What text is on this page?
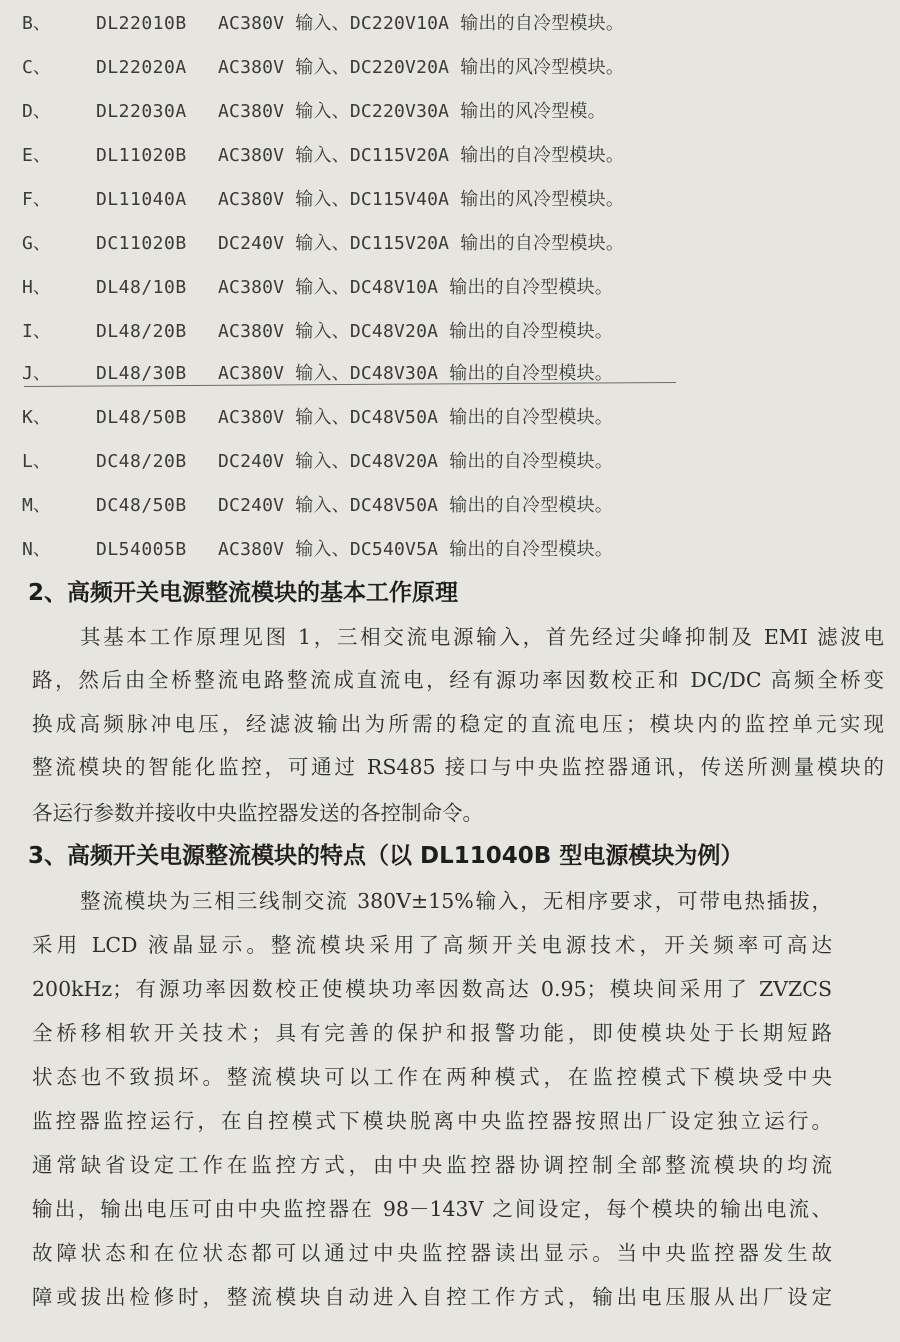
B、	DL22010B AC380V 输入、DC220V10A 输出的自冷型模块。
C、	DL22020A AC380V 输入、DC220V20A 输出的风冷型模块。
D、	DL22030A AC380V 输入、DC220V30A 输出的风冷型模。
E、	DL11020B AC380V 输入、DC115V20A 输出的自冷型模块。
F、	DL11040A AC380V 输入、DC115V40A 输出的风冷型模块。
G、	DC11020B DC240V 输入、DC115V20A 输出的自冷型模块。
H、	DL48/10B AC380V 输入、DC48V10A 输出的自冷型模块。
I、	DL48/20B AC380V 输入、DC48V20A 输出的自冷型模块。
J、	DL48/30B AC380V 输入、DC48V30A 输出的自冷型模块。
K、	DL48/50B AC380V 输入、DC48V50A 输出的自冷型模块。
L、	DC48/20B DC240V 输入、DC48V20A 输出的自冷型模块。
M、	DC48/50B DC240V 输入、DC48V50A 输出的自冷型模块。
N、	DL54005B AC380V 输入、DC540V5A 输出的自冷型模块。
2、高频开关电源整流模块的基本工作原理
其基本工作原理见图 1，三相交流电源输入，首先经过尖峰抑制及 EMI 滤波电
路，然后由全桥整流电路整流成直流电，经有源功率因数校正和 DC/DC 高频全桥变
换成高频脉冲电压，经滤波输出为所需的稳定的直流电压；模块内的监控单元实现
整流模块的智能化监控，可通过 RS485 接口与中央监控器通讯，传送所测量模块的
各运行参数并接收中央监控器发送的各控制命令。
3、高频开关电源整流模块的特点（以 DL11040B 型电源模块为例）
整流模块为三相三线制交流 380V±15%输入，无相序要求，可带电热插拔，
采用 LCD 液晶显示。整流模块采用了高频开关电源技术，开关频率可高达
200kHz；有源功率因数校正使模块功率因数高达 0.95；模块间采用了 ZVZCS
全桥移相软开关技术；具有完善的保护和报警功能，即使模块处于长期短路
状态也不致损坏。整流模块可以工作在两种模式，在监控模式下模块受中央
监控器监控运行，在自控模式下模块脱离中央监控器按照出厂设定独立运行。
通常缺省设定工作在监控方式，由中央监控器协调控制全部整流模块的均流
输出，输出电压可由中央监控器在 98－143V 之间设定，每个模块的输出电流、
故障状态和在位状态都可以通过中央监控器读出显示。当中央监控器发生故
障或拔出检修时，整流模块自动进入自控工作方式，输出电压服从出厂设定
